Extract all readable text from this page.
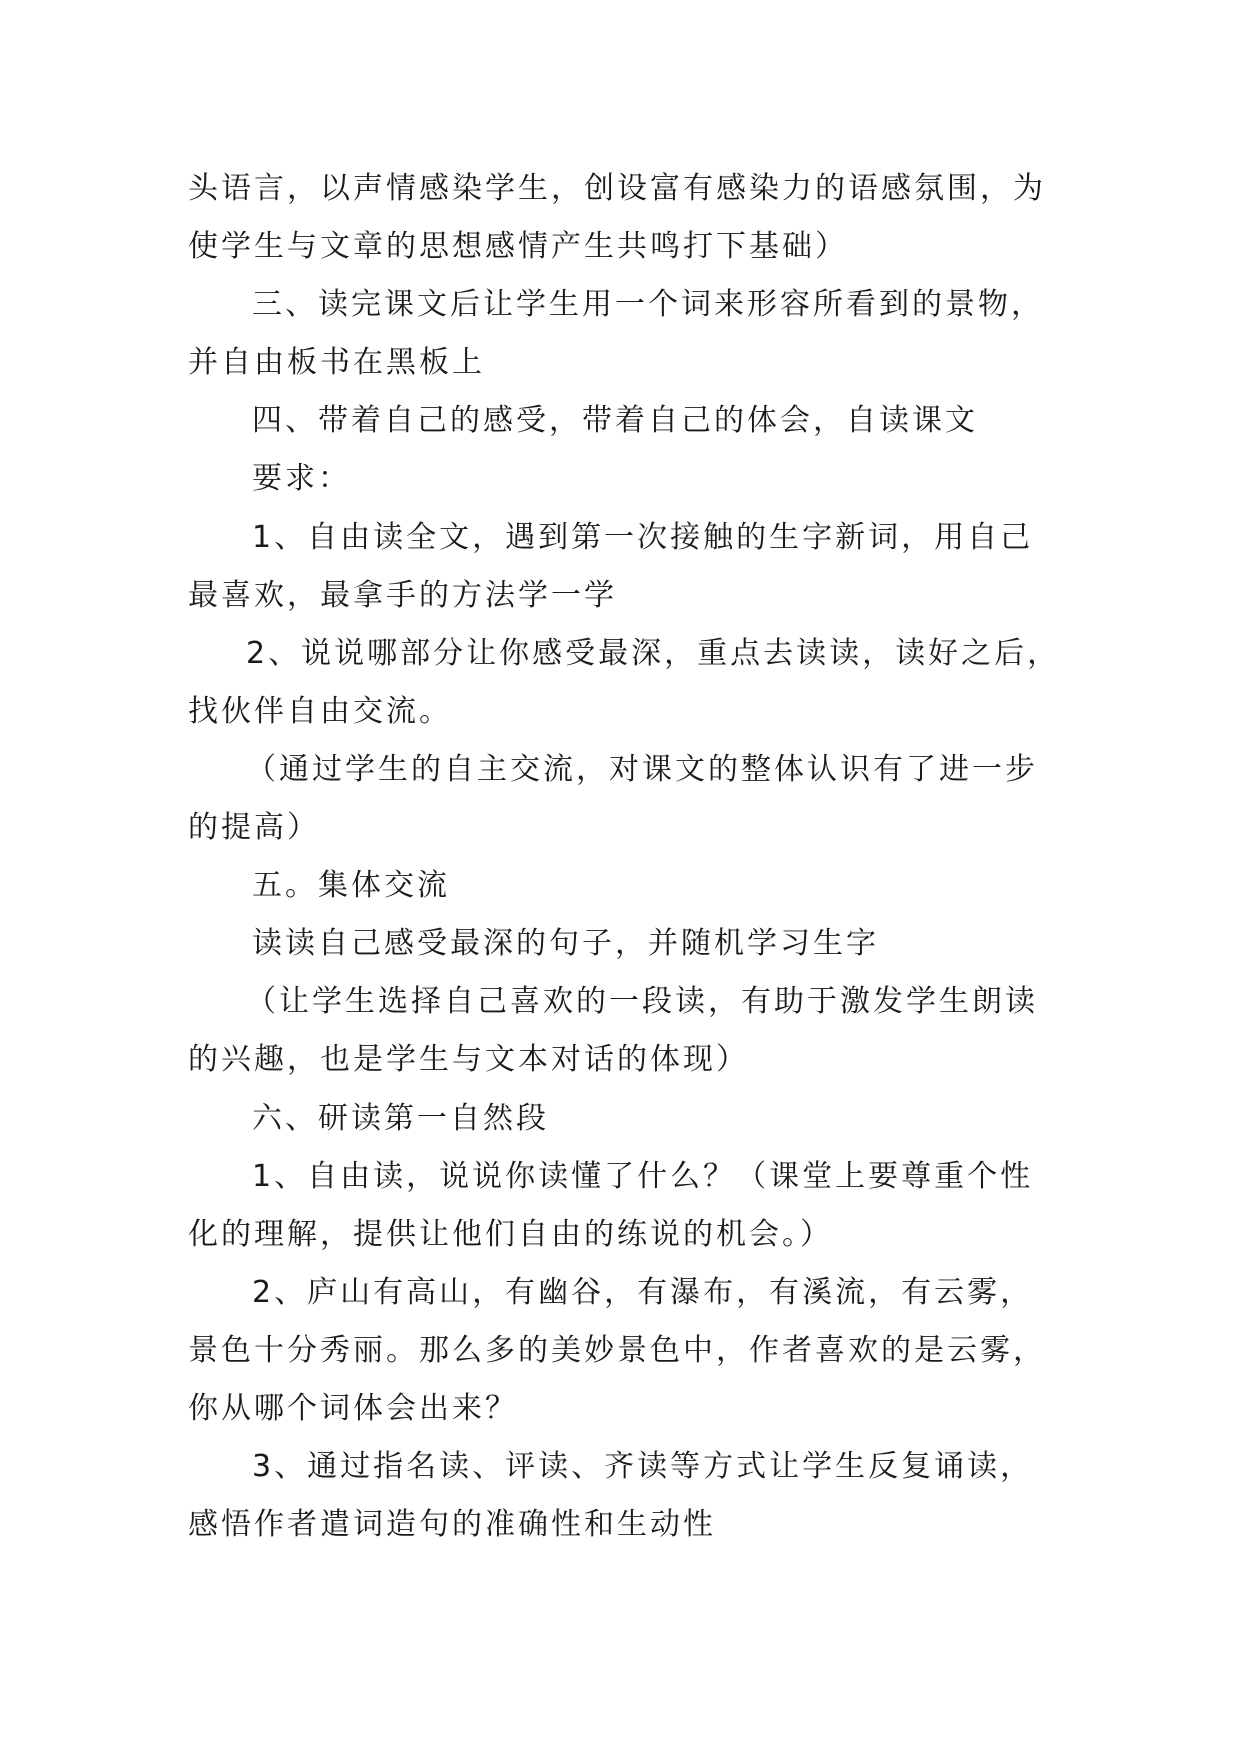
头语言，以声情感染学生，创设富有感染力的语感氛围，为
使学生与文章的思想感情产生共鸣打下基础）
三、读完课文后让学生用一个词来形容所看到的景物，
并自由板书在黑板上
四、带着自己的感受，带着自己的体会，自读课文
要求：
1、自由读全文，遇到第一次接触的生字新词，用自己
最喜欢，最拿手的方法学一学
2、说说哪部分让你感受最深，重点去读读，读好之后，
找伙伴自由交流。
（通过学生的自主交流，对课文的整体认识有了进一步
的提高）
五。集体交流
读读自己感受最深的句子，并随机学习生字
（让学生选择自己喜欢的一段读，有助于激发学生朗读
的兴趣，也是学生与文本对话的体现）
六、研读第一自然段
1、自由读，说说你读懂了什么？（课堂上要尊重个性
化的理解，提供让他们自由的练说的机会。）
2、庐山有高山，有幽谷，有瀑布，有溪流，有云雾，
景色十分秀丽。那么多的美妙景色中，作者喜欢的是云雾，
你从哪个词体会出来？
3、通过指名读、评读、齐读等方式让学生反复诵读，
感悟作者遣词造句的准确性和生动性
